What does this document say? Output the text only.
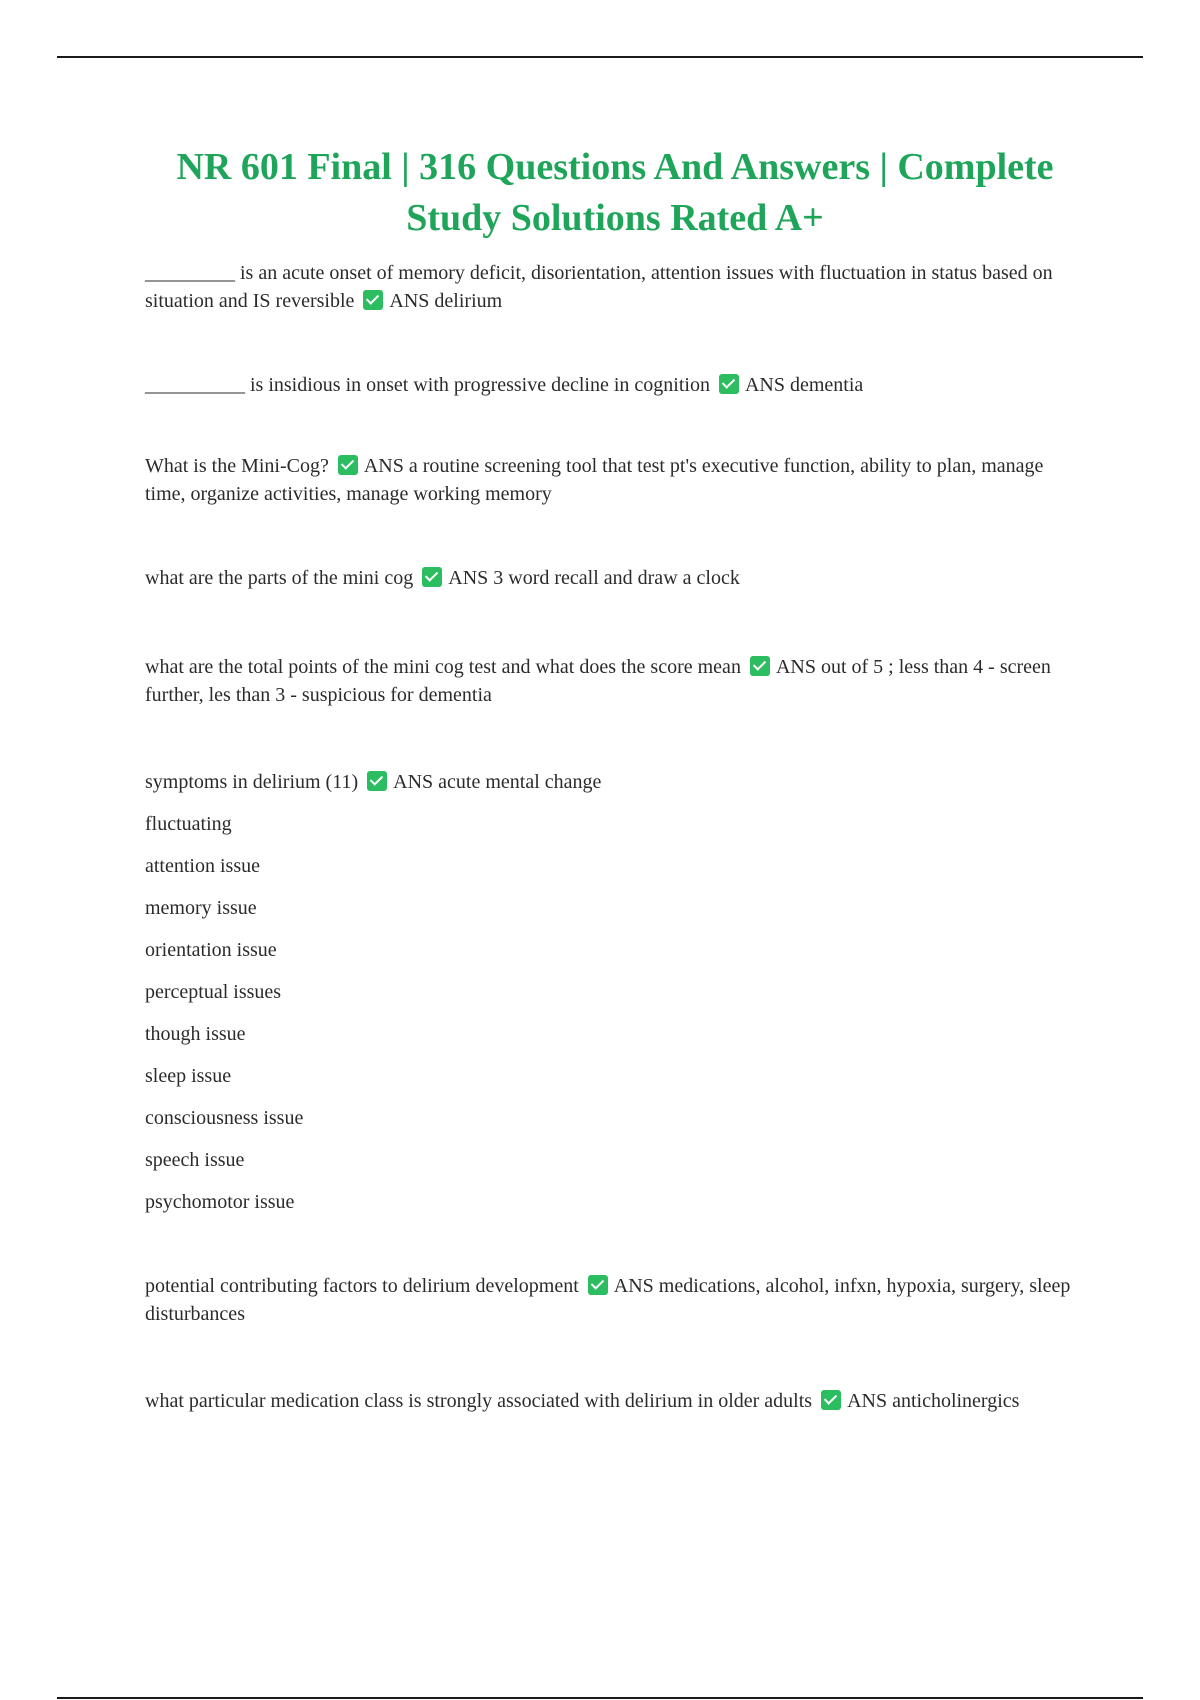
NR 601 Final | 316 Questions And Answers | Complete Study Solutions Rated A+

_________ is an acute onset of memory deficit, disorientation, attention issues with fluctuation in status based on situation and IS reversible ANS delirium

__________ is insidious in onset with progressive decline in cognition ANS dementia

What is the Mini-Cog? ANS a routine screening tool that test pt's executive function, ability to plan, manage time, organize activities, manage working memory

what are the parts of the mini cog ANS 3 word recall and draw a clock

what are the total points of the mini cog test and what does the score mean ANS out of 5 ; less than 4 - screen further, les than 3 - suspicious for dementia

symptoms in delirium (11) ANS acute mental change

fluctuating
attention issue
memory issue
orientation issue
perceptual issues
though issue
sleep issue
consciousness issue
speech issue
psychomotor issue

potential contributing factors to delirium development ANS medications, alcohol, infxn, hypoxia, surgery, sleep disturbances

what particular medication class is strongly associated with delirium in older adults ANS anticholinergics
